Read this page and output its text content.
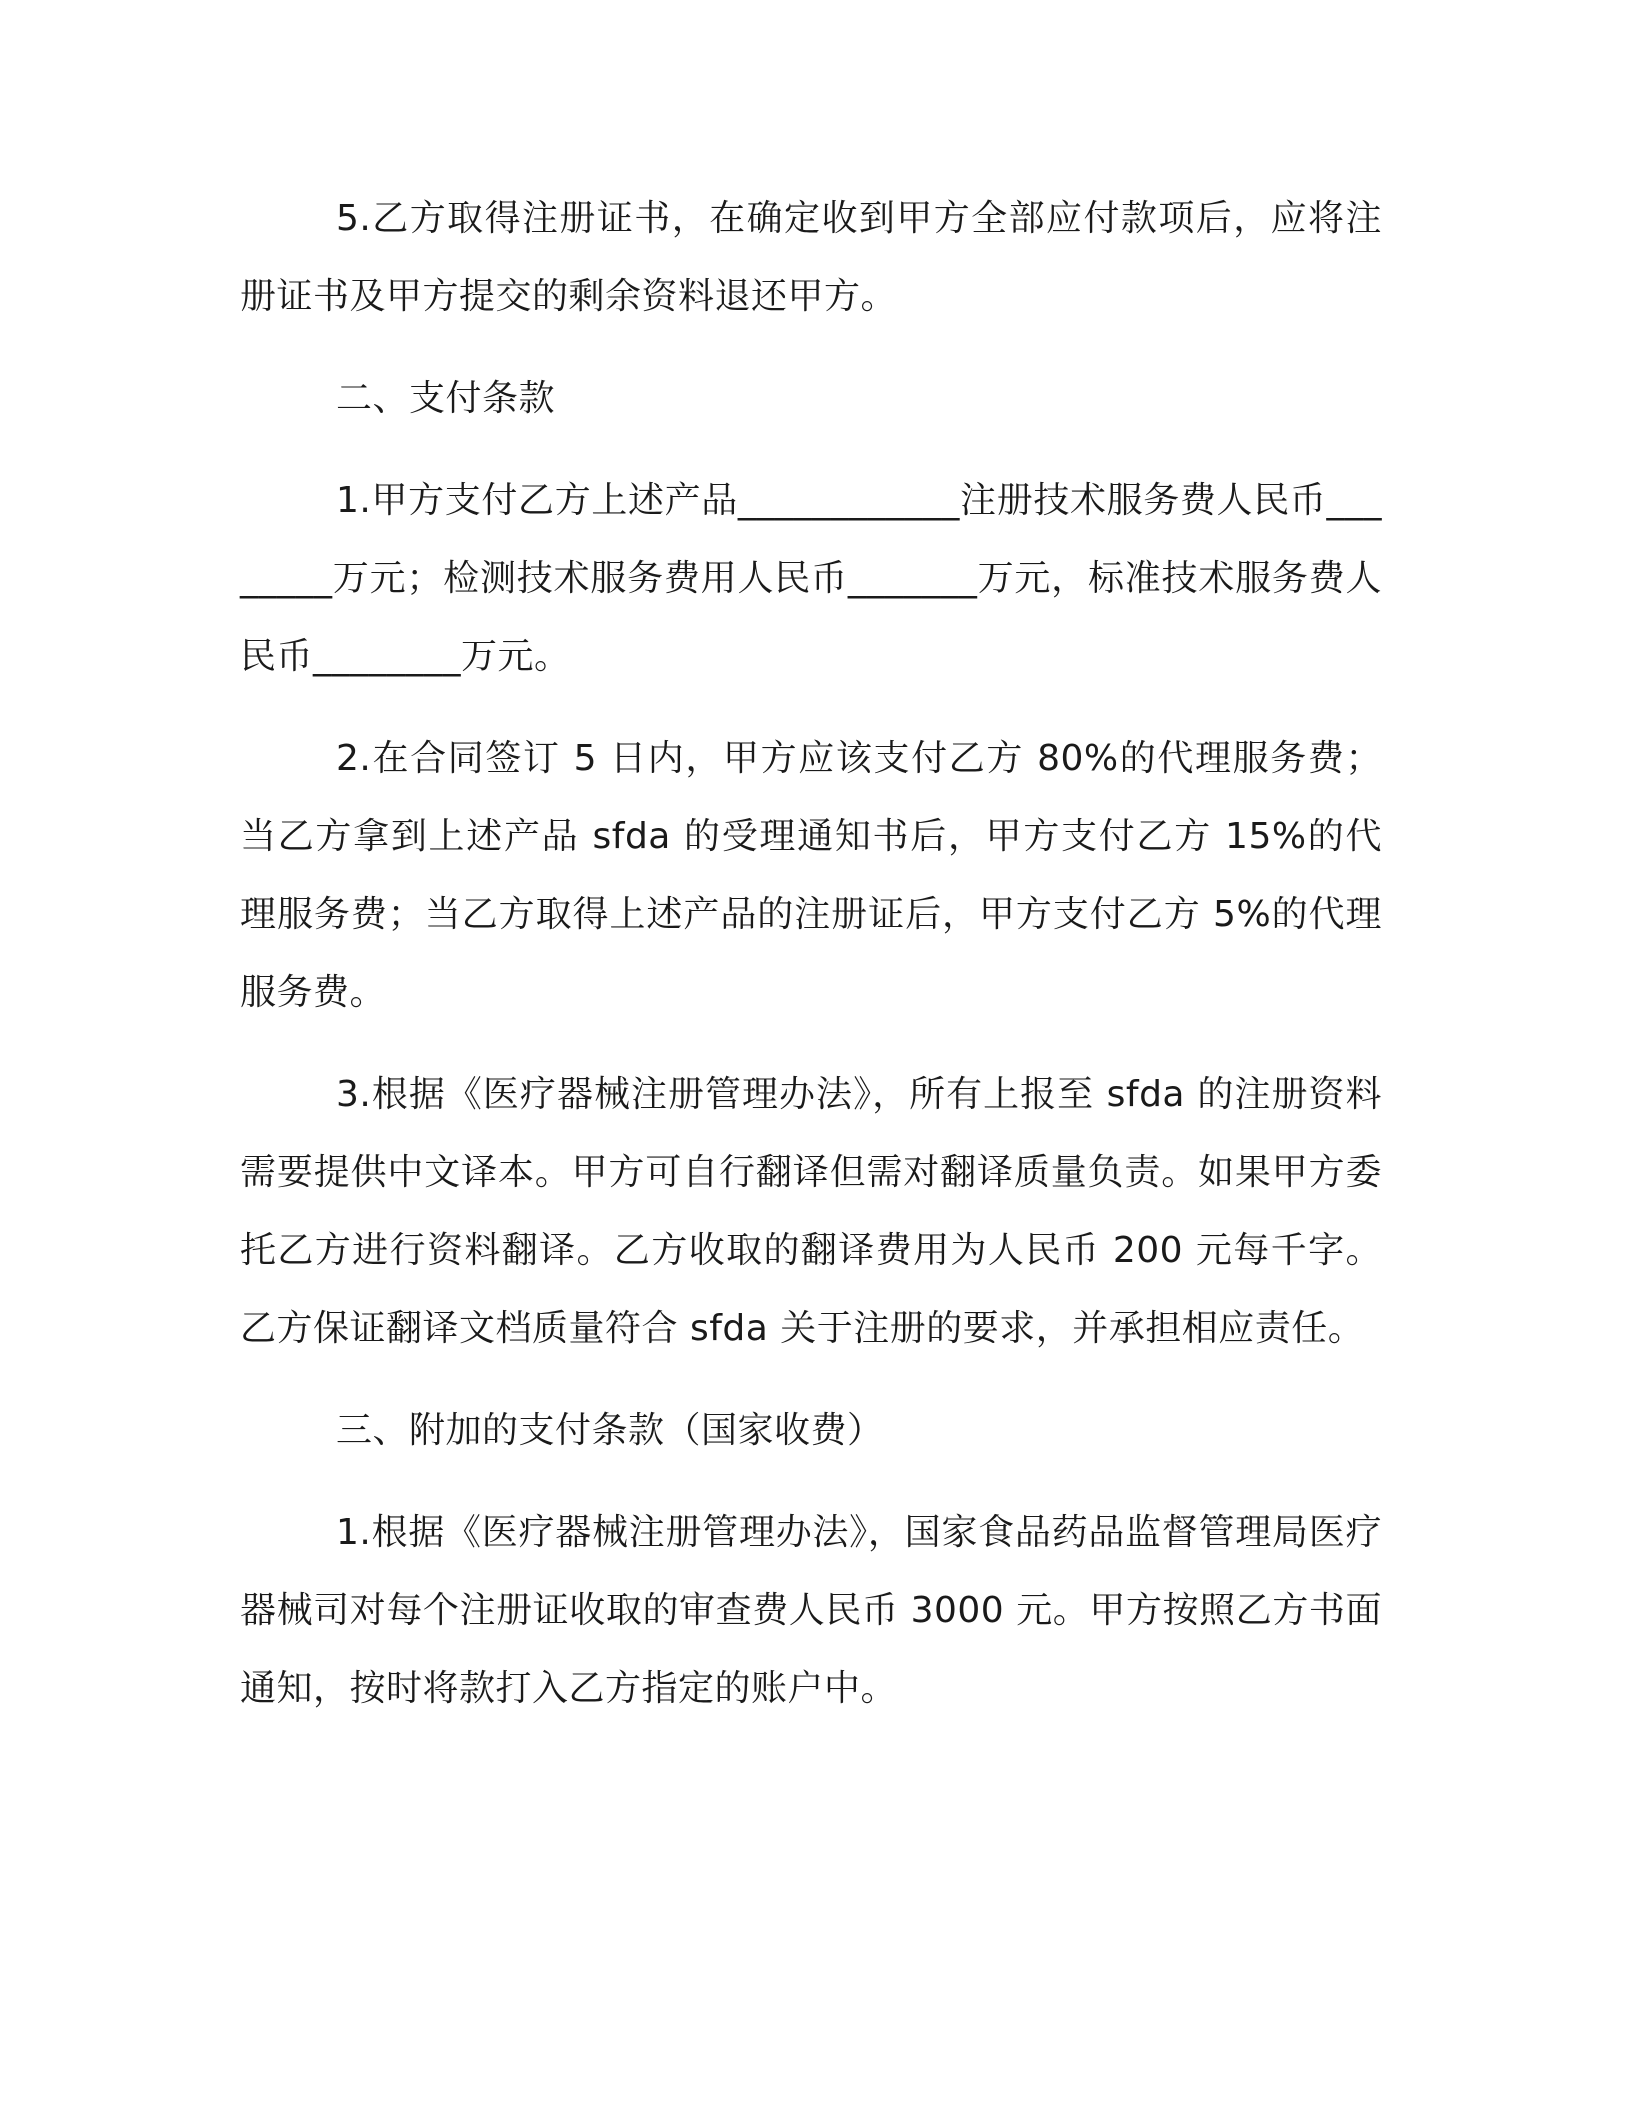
5.乙方取得注册证书，在确定收到甲方全部应付款项后，应将注册证书及甲方提交的剩余资料退还甲方。

二、支付条款

1.甲方支付乙方上述产品____________注册技术服务费人民币________万元；检测技术服务费用人民币_______万元，标准技术服务费人民币________万元。

2.在合同签订 5 日内，甲方应该支付乙方 80%的代理服务费；当乙方拿到上述产品 sfda 的受理通知书后，甲方支付乙方 15%的代理服务费；当乙方取得上述产品的注册证后，甲方支付乙方 5%的代理服务费。

3.根据《医疗器械注册管理办法》，所有上报至 sfda 的注册资料需要提供中文译本。甲方可自行翻译但需对翻译质量负责。如果甲方委托乙方进行资料翻译。乙方收取的翻译费用为人民币 200 元每千字。乙方保证翻译文档质量符合 sfda 关于注册的要求，并承担相应责任。

三、附加的支付条款（国家收费）

1.根据《医疗器械注册管理办法》，国家食品药品监督管理局医疗器械司对每个注册证收取的审查费人民币 3000 元。甲方按照乙方书面通知，按时将款打入乙方指定的账户中。
